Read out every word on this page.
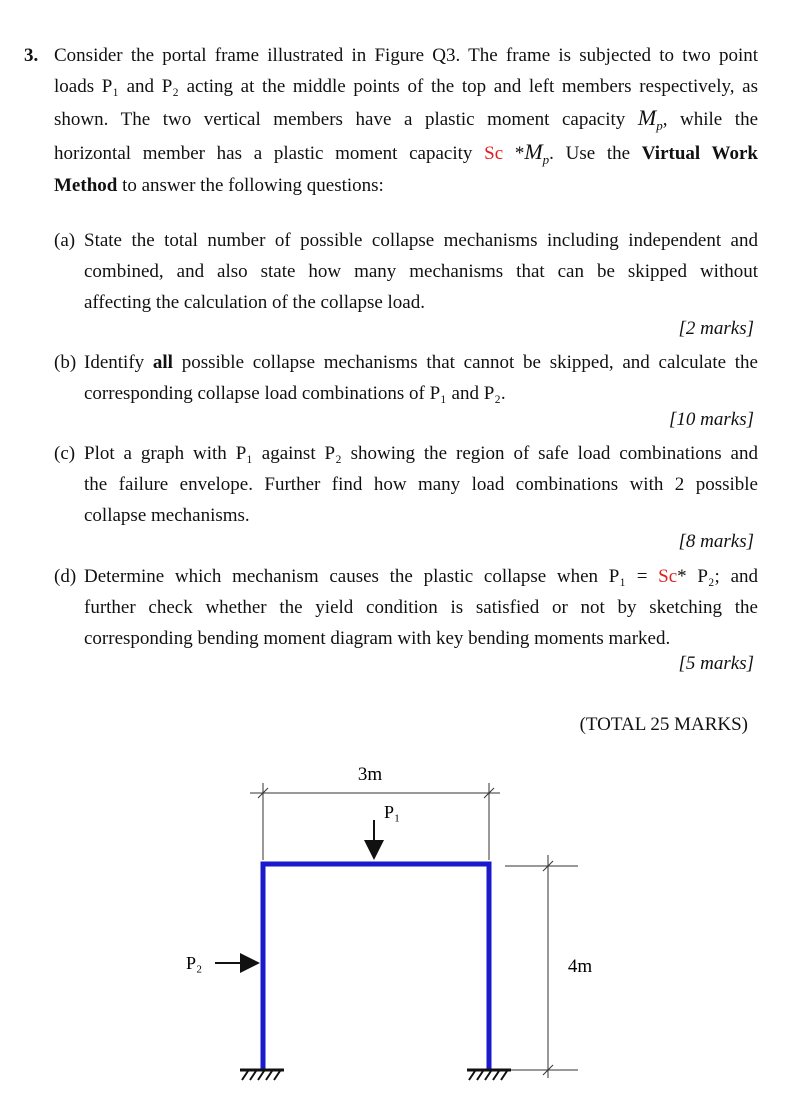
3. Consider the portal frame illustrated in Figure Q3. The frame is subjected to two point
loads P₁ and P₂ acting at the middle points of the top and left members respectively, as
shown. The two vertical members have a plastic moment capacity $M_p$, while the
horizontal member has a plastic moment capacity Sc $*M_p$. Use the Virtual Work
Method to answer the following questions:
(a) State the total number of possible collapse mechanisms including independent and
combined, and also state how many mechanisms that can be skipped without
affecting the calculation of the collapse load.
[2 marks]
(b) Identify all possible collapse mechanisms that cannot be skipped, and calculate the
corresponding collapse load combinations of P₁ and P₂.
[10 marks]
(c) Plot a graph with P₁ against P₂ showing the region of safe load combinations and
the failure envelope. Further find how many load combinations with 2 possible
collapse mechanisms.
[8 marks]
(d) Determine which mechanism causes the plastic collapse when P₁ = Sc* P₂; and
further check whether the yield condition is satisfied or not by sketching the
corresponding bending moment diagram with key bending moments marked.
[5 marks]
(TOTAL 25 MARKS)
3m
4m
P₁
P₂
